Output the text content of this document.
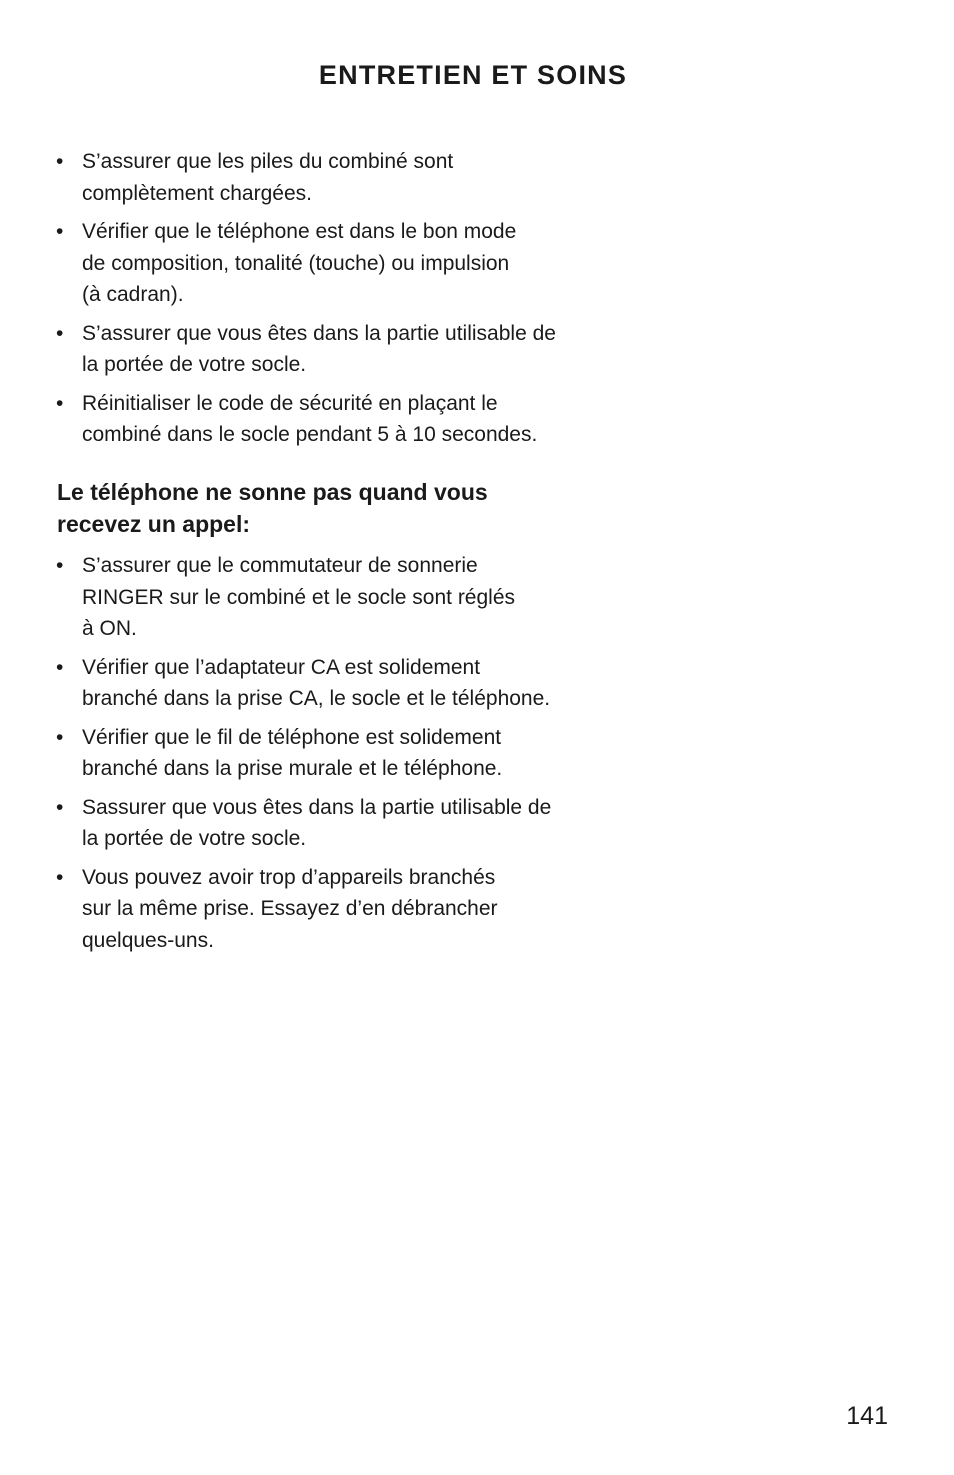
ENTRETIEN ET SOINS
• S’assurer que les piles du combiné sont
complètement chargées.
• Vérifier que le téléphone est dans le bon mode
de composition, tonalité (touche) ou impulsion
(à cadran).
• S’assurer que vous êtes dans la partie utilisable de
la portée de votre socle.
• Réinitialiser le code de sécurité en plaçant le
combiné dans le socle pendant 5 à 10 secondes.
Le téléphone ne sonne pas quand vous
recevez un appel:
• S’assurer que le commutateur de sonnerie
RINGER sur le combiné et le socle sont réglés
à ON.
• Vérifier que l’adaptateur CA est solidement
branché dans la prise CA, le socle et le téléphone.
• Vérifier que le fil de téléphone est solidement
branché dans la prise murale et le téléphone.
• Sassurer que vous êtes dans la partie utilisable de
la portée de votre socle.
• Vous pouvez avoir trop d’appareils branchés
sur la même prise. Essayez d’en débrancher
quelques-uns.
141
